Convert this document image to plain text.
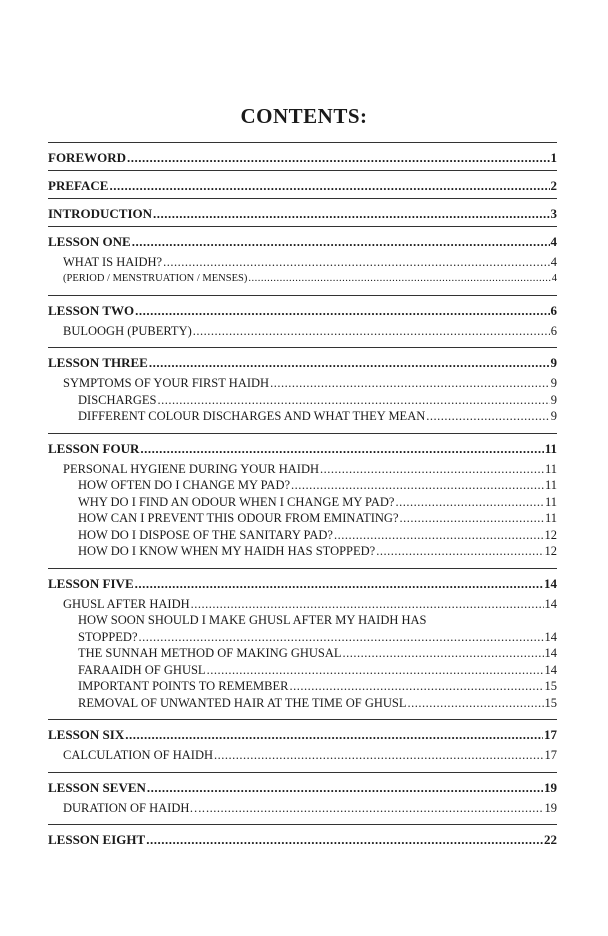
CONTENTS:
FOREWORD .....	1
PREFACE .....	2
INTRODUCTION .....	3
LESSON ONE .....	4
WHAT IS HAIDH? .....	4
(PERIOD / MENSTRUATION / MENSES) .....	4
LESSON TWO .....	6
BULOOGH (PUBERTY) .....	6
LESSON THREE .....	9
SYMPTOMS OF YOUR FIRST HAIDH .....	9
DISCHARGES .....	9
DIFFERENT COLOUR DISCHARGES AND WHAT THEY MEAN .....	9
LESSON FOUR .....	11
PERSONAL HYGIENE DURING YOUR HAIDH .....	11
HOW OFTEN DO I CHANGE MY PAD? .....	11
WHY DO I FIND AN ODOUR WHEN I CHANGE MY PAD? .....	11
HOW CAN I PREVENT THIS ODOUR FROM EMINATING? .....	11
HOW DO I DISPOSE OF THE SANITARY PAD? .....	12
HOW DO I KNOW WHEN MY HAIDH HAS STOPPED? .....	12
LESSON FIVE .....	14
GHUSL AFTER HAIDH .....	14
HOW SOON SHOULD I MAKE GHUSL AFTER MY HAIDH HAS
STOPPED? .....	14
THE SUNNAH METHOD OF MAKING GHUSAL .....	14
FARAAIDH OF GHUSL .....	14
IMPORTANT POINTS TO REMEMBER .....	15
REMOVAL OF UNWANTED HAIR AT THE TIME OF GHUSL .....	15
LESSON SIX .....	17
CALCULATION OF HAIDH .....	17
LESSON SEVEN .....	19
DURATION OF HAIDH…. .....	19
LESSON EIGHT .....	22
